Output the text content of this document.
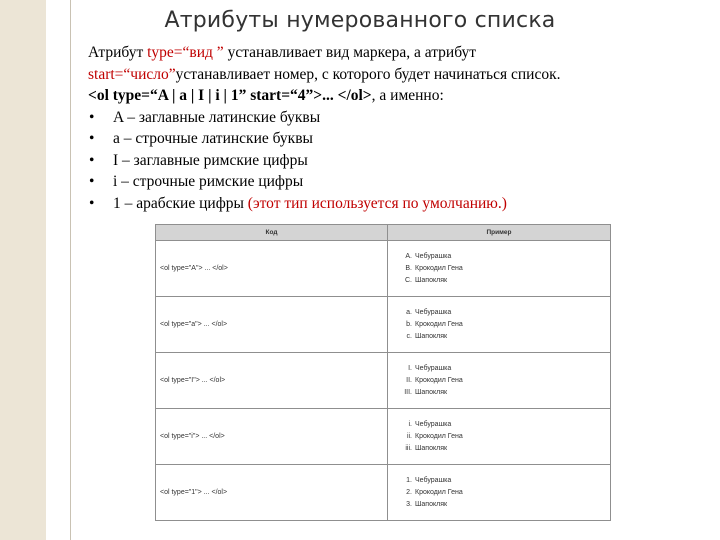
Атрибуты нумерованного списка
Атрибут type=“вид ” устанавливает вид маркера, а атрибут
start=“число”устанавливает номер, с которого будет начинаться список.
<ol type=“A | a | I | i | 1” start=“4”>... </ol>, а именно:
• A – заглавные латинские буквы
• a – строчные латинские буквы
• I – заглавные римские цифры
• i – строчные римские цифры
• 1 – арабские цифры (этот тип используется по умолчанию.)
Код	Пример
<ol type="A"> ... </ol>	A. Чебурашка
B. Крокодил Гена
C. Шапокляк

<ol type="a"> ... </ol>	a. Чебурашка
b. Крокодил Гена
c. Шапокляк

<ol type="I"> ... </ol>	I. Чебурашка
II. Крокодил Гена
III. Шапокляк

<ol type="i"> ... </ol>	i. Чебурашка
ii. Крокодил Гена
iii. Шапокляк

<ol type="1"> ... </ol>	1. Чебурашка
2. Крокодил Гена
3. Шапокляк
